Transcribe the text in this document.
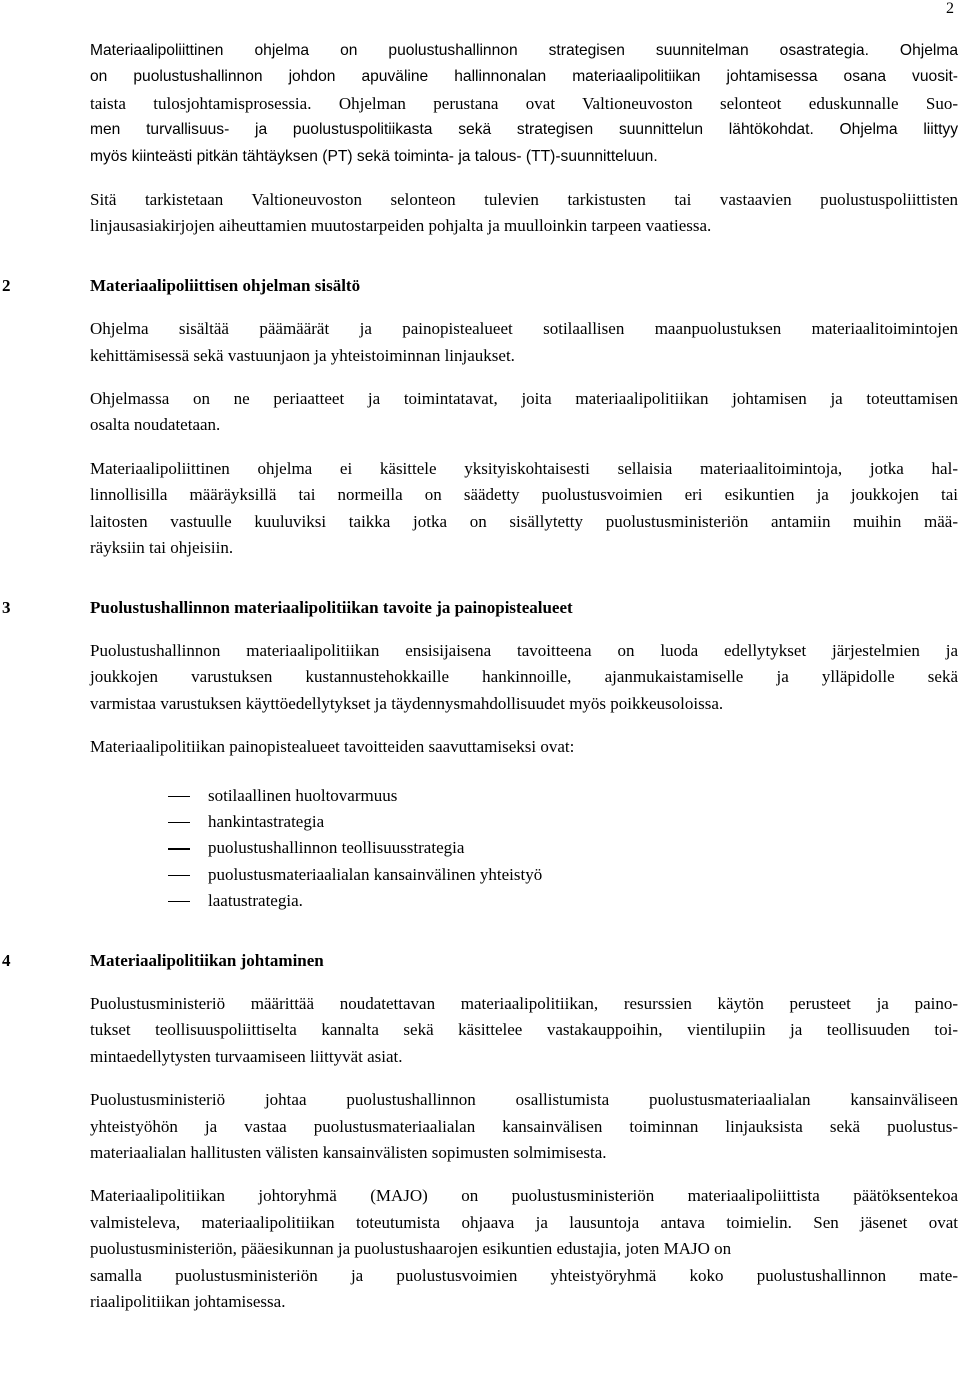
2
Materiaalipoliittinen ohjelma on puolustushallinnon strategisen suunnitelman osastrategia. Ohjelma
on puolustushallinnon johdon apuväline hallinnonalan materiaalipolitiikan johtamisessa osana vuosit-
taista tulosjohtamisprosessia. Ohjelman perustana ovat Valtioneuvoston selonteot eduskunnalle Suo-
men turvallisuus- ja puolustuspolitiikasta sekä strategisen suunnittelun lähtökohdat. Ohjelma liittyy
myös kiinteästi pitkän tähtäyksen (PT) sekä toiminta- ja talous- (TT)-suunnitteluun.
Sitä tarkistetaan Valtioneuvoston selonteon tulevien tarkistusten tai vastaavien puolustuspoliittisten
linjausasiakirjojen aiheuttamien muutostarpeiden pohjalta ja muulloinkin tarpeen vaatiessa.
2	Materiaalipoliittisen ohjelman sisältö
Ohjelma sisältää päämäärät ja painopistealueet sotilaallisen maanpuolustuksen materiaalitoimintojen
kehittämisessä sekä vastuunjaon ja yhteistoiminnan linjaukset.
Ohjelmassa on ne periaatteet ja toimintatavat, joita materiaalipolitiikan johtamisen ja toteuttamisen
osalta noudatetaan.
Materiaalipoliittinen ohjelma ei käsittele yksityiskohtaisesti sellaisia materiaalitoimintoja, jotka hal-
linnollisilla määräyksillä tai normeilla on säädetty puolustusvoimien eri esikuntien ja joukkojen tai
laitosten vastuulle kuuluviksi taikka jotka on sisällytetty puolustusministeriön antamiin muihin mää-
räyksiin tai ohjeisiin.
3	Puolustushallinnon materiaalipolitiikan tavoite ja painopistealueet
Puolustushallinnon materiaalipolitiikan ensisijaisena tavoitteena on luoda edellytykset järjestelmien ja
joukkojen varustuksen kustannustehokkaille hankinnoille, ajanmukaistamiselle ja ylläpidolle sekä
varmistaa varustuksen käyttöedellytykset ja täydennysmahdollisuudet myös poikkeusoloissa.
Materiaalipolitiikan painopistealueet tavoitteiden saavuttamiseksi ovat:
sotilaallinen huoltovarmuus
hankintastrategia
puolustushallinnon teollisuusstrategia
puolustusmateriaalialan kansainvälinen yhteistyö
laatustrategia.
4	Materiaalipolitiikan johtaminen
Puolustusministeriö määrittää noudatettavan materiaalipolitiikan, resurssien käytön perusteet ja paino-
tukset teollisuuspoliittiselta kannalta sekä käsittelee vastakauppoihin, vientilupiin ja teollisuuden toi-
mintaedellytysten turvaamiseen liittyvät asiat.
Puolustusministeriö johtaa puolustushallinnon osallistumista puolustusmateriaalialan kansainväliseen
yhteistyöhön ja vastaa puolustusmateriaalialan kansainvälisen toiminnan linjauksista sekä puolustus-
materiaalialan hallitusten välisten kansainvälisten sopimusten solmimisesta.
Materiaalipolitiikan johtoryhmä (MAJO) on puolustusministeriön materiaalipoliittista päätöksentekoa
valmisteleva, materiaalipolitiikan toteutumista ohjaava ja lausuntoja antava toimielin. Sen jäsenet ovat
puolustusministeriön, pääesikunnan ja puolustushaarojen esikuntien edustajia, joten MAJO on
samalla puolustusministeriön ja puolustusvoimien yhteistyöryhmä koko puolustushallinnon mate-
riaalipolitiikan johtamisessa.
